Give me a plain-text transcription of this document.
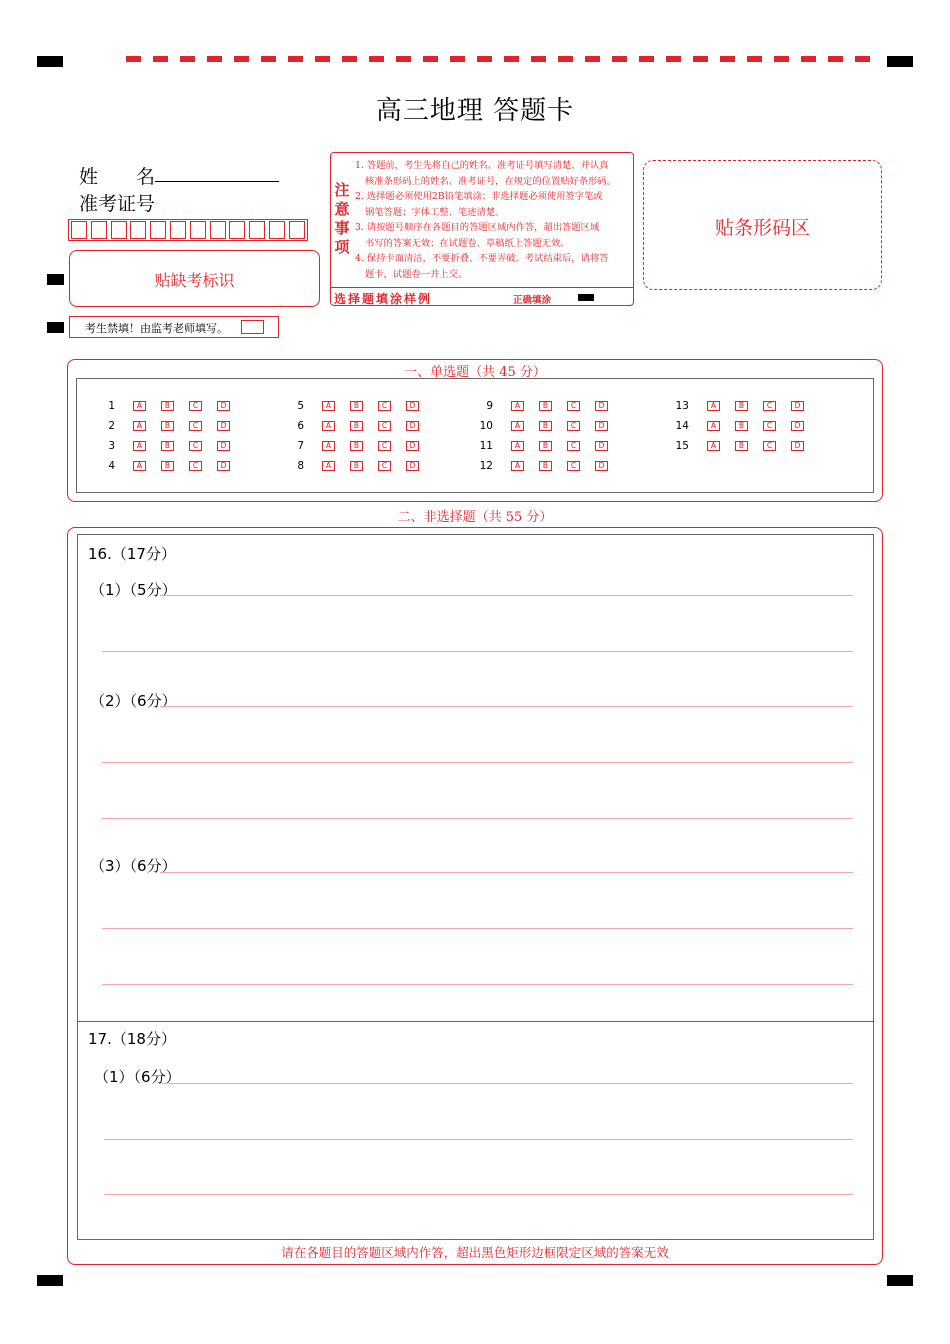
高三地理 答题卡
姓　　名
准考证号
贴缺考标识
注
意
事
项
1. 答题前，考生先将自己的姓名、准考证号填写清楚，并认真
核准条形码上的姓名、准考证号，在规定的位置贴好条形码。
2. 选择题必须使用2B铅笔填涂；非选择题必须使用签字笔或
钢笔答题；字体工整、笔迹清楚。
3. 请按题号顺序在各题目的答题区域内作答，超出答题区域
书写的答案无效；在试题卷、草稿纸上答题无效。
4. 保持卡面清洁，不要折叠、不要弄破。考试结束后，请将答
题卡，试题卷一并上交。
选择题填涂样例	正确填涂
贴条形码区
考生禁填！由监考老师填写。
一、单选题（共 45 分）
1	A	B	C	D
2	A	B	C	D
3	A	B	C	D
4	A	B	C	D
5	A	B	C	D
6	A	B	C	D
7	A	B	C	D
8	A	B	C	D
9	A	B	C	D
10	A	B	C	D
11	A	B	C	D
12	A	B	C	D
13	A	B	C	D
14	A	B	C	D
15	A	B	C	D
二、非选择题（共 55 分）
16.（17分）
（1）（5分）
（2）（6分）
（3）（6分）
17.（18分）
（1）（6分）
请在各题目的答题区域内作答，超出黑色矩形边框限定区域的答案无效
